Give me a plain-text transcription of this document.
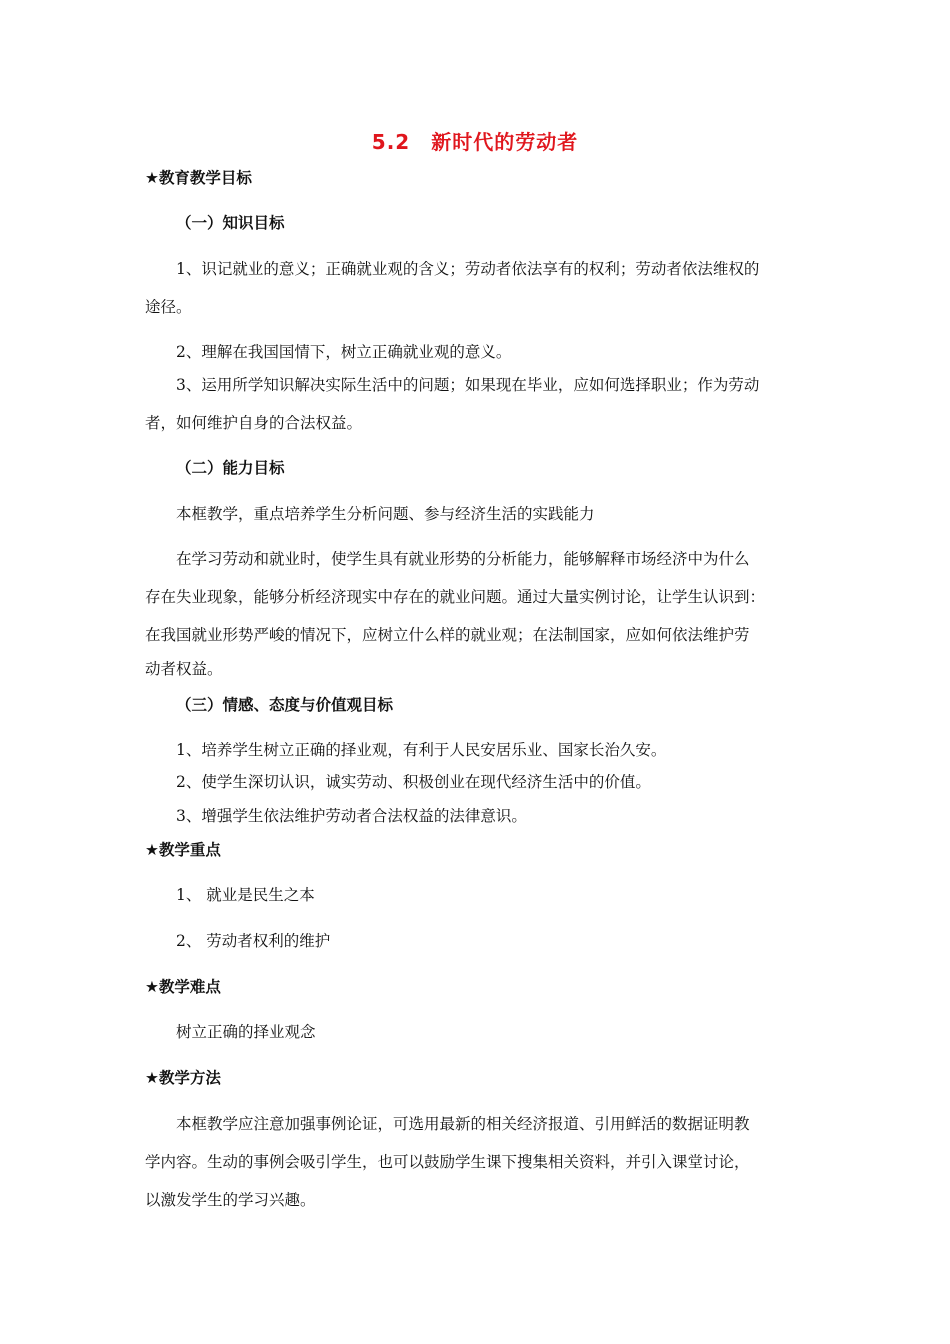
5.2　新时代的劳动者
★教育教学目标
（一）知识目标
1、识记就业的意义；正确就业观的含义；劳动者依法享有的权利；劳动者依法维权的
途径。
2、理解在我国国情下，树立正确就业观的意义。
3、运用所学知识解决实际生活中的问题；如果现在毕业，应如何选择职业；作为劳动
者，如何维护自身的合法权益。
（二）能力目标
本框教学，重点培养学生分析问题、参与经济生活的实践能力
在学习劳动和就业时，使学生具有就业形势的分析能力，能够解释市场经济中为什么
存在失业现象，能够分析经济现实中存在的就业问题。通过大量实例讨论，让学生认识到：
在我国就业形势严峻的情况下，应树立什么样的就业观；在法制国家，应如何依法维护劳
动者权益。
（三）情感、态度与价值观目标
1、培养学生树立正确的择业观，有利于人民安居乐业、国家长治久安。
2、使学生深切认识，诚实劳动、积极创业在现代经济生活中的价值。
3、增强学生依法维护劳动者合法权益的法律意识。
★教学重点
1、 就业是民生之本
2、 劳动者权利的维护
★教学难点
树立正确的择业观念
★教学方法
本框教学应注意加强事例论证，可选用最新的相关经济报道、引用鲜活的数据证明教
学内容。生动的事例会吸引学生，也可以鼓励学生课下搜集相关资料，并引入课堂讨论，
以激发学生的学习兴趣。
